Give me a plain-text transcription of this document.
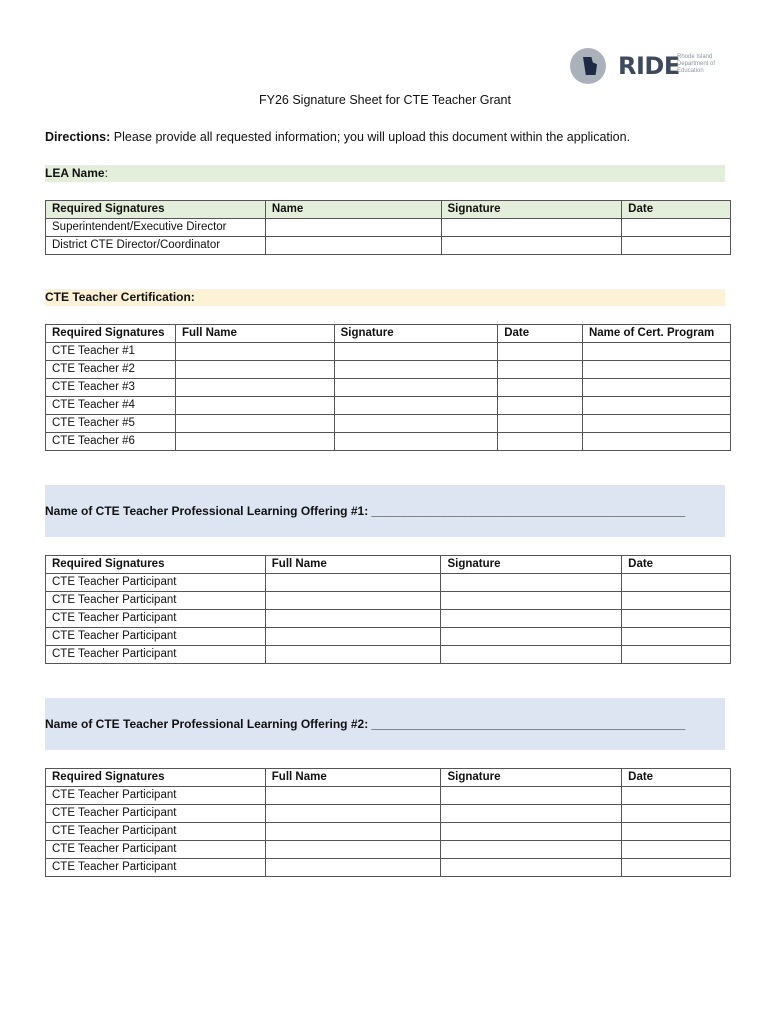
RIDE
Rhode Island Department of Education
FY26 Signature Sheet for CTE Teacher Grant
Directions: Please provide all requested information; you will upload this document within the application.
LEA Name:
Required Signatures	Name	Signature	Date
Superintendent/Executive Director			
District CTE Director/Coordinator			
CTE Teacher Certification:
Required Signatures	Full Name	Signature	Date	Name of Cert. Program
CTE Teacher #1				
CTE Teacher #2				
CTE Teacher #3				
CTE Teacher #4				
CTE Teacher #5				
CTE Teacher #6				
Name of CTE Teacher Professional Learning Offering #1: _______________________________________________
Required Signatures	Full Name	Signature	Date
CTE Teacher Participant			
CTE Teacher Participant			
CTE Teacher Participant			
CTE Teacher Participant			
CTE Teacher Participant			
Name of CTE Teacher Professional Learning Offering #2: _______________________________________________
Required Signatures	Full Name	Signature	Date
CTE Teacher Participant			
CTE Teacher Participant			
CTE Teacher Participant			
CTE Teacher Participant			
CTE Teacher Participant			
